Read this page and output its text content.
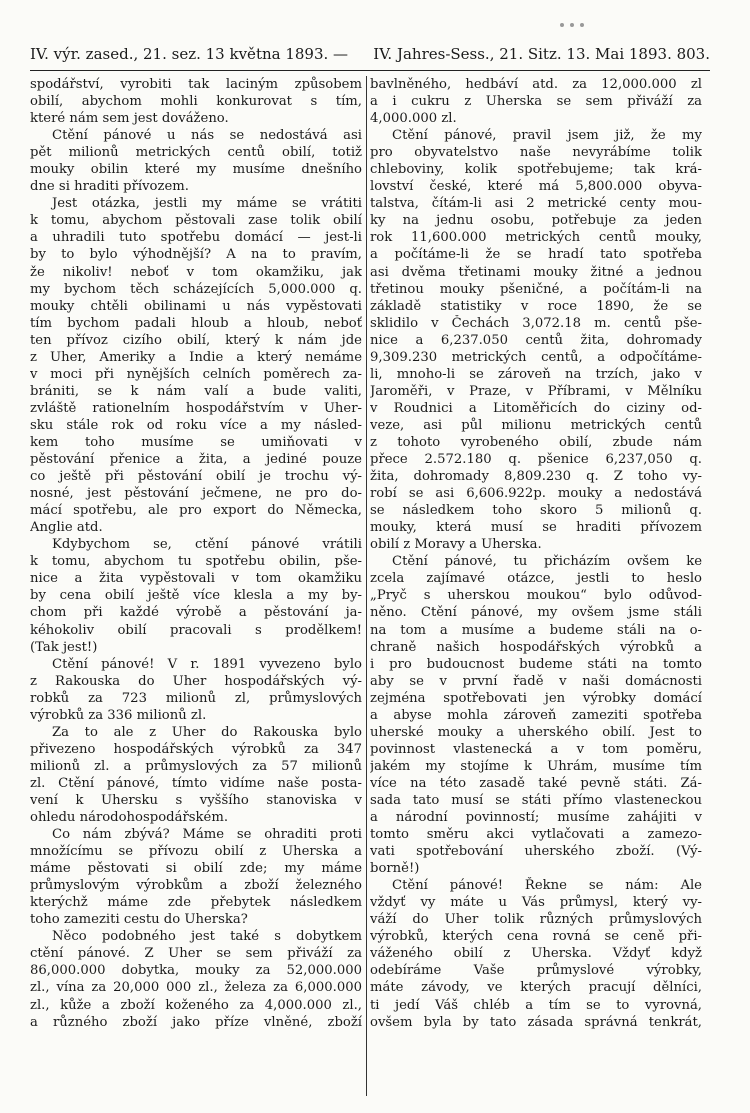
IV. výr. zased., 21. sez. 13 května 1893. — IV. Jahres-Sess., 21. Sitz. 13. Mai 1893. 803.
spodářství, vyrobiti tak laciným způsobem
obilí, abychom mohli konkurovat s tím,
které nám sem jest dováženo.
Ctění pánové u nás se nedostává asi
pět milionů metrických centů obilí, totiž
mouky obilin které my musíme dnešního
dne si hraditi přívozem.
Jest otázka, jestli my máme se vrátiti
k tomu, abychom pěstovali zase tolik obilí
a uhradili tuto spotřebu domácí — jest-li
by to bylo výhodnější? A na to pravím,
že nikoliv! neboť v tom okamžiku, jak
my bychom těch scházejících 5,000.000 q.
mouky chtěli obilinami u nás vypěstovati
tím bychom padali hloub a hloub, neboť
ten přívoz cizího obilí, který k nám jde
z Uher, Ameriky a Indie a který nemáme
v moci při nynějších celních poměrech za-
brániti, se k nám valí a bude valiti,
zvláště rationelním hospodářstvím v Uher-
sku stále rok od roku více a my násled-
kem toho musíme se umiňovati v
pěstování přenice a žita, a jediné pouze
co ještě při pěstování obilí je trochu vý-
nosné, jest pěstování ječmene, ne pro do-
mácí spotřebu, ale pro export do Německa,
Anglie atd.
Kdybychom se, ctění pánové vrátili
k tomu, abychom tu spotřebu obilin, pše-
nice a žita vypěstovali v tom okamžiku
by cena obilí ještě více klesla a my by-
chom při každé výrobě a pěstování ja-
kéhokoliv obilí pracovali s prodělkem!
(Tak jest!)
Ctění pánové! V r. 1891 vyvezeno bylo
z Rakouska do Uher hospodářských vý-
robků za 723 milionů zl, průmyslových
výrobků za 336 milionů zl.
Za to ale z Uher do Rakouska bylo
přivezeno hospodářských výrobků za 347
milionů zl. a průmyslových za 57 milionů
zl. Ctění pánové, tímto vidíme naše posta-
vení k Uhersku s vyššího stanoviska v
ohledu národohospodářském.
Co nám zbývá? Máme se ohraditi proti
množícímu se přívozu obilí z Uherska a
máme pěstovati si obilí zde; my máme
průmyslovým výrobkům a zboží železného
kterýchž máme zde přebytek následkem
toho zameziti cestu do Uherska?
Něco podobného jest také s dobytkem
ctění pánové. Z Uher se sem přiváží za
86,000.000 dobytka, mouky za 52,000.000
zl., vína za 20,000 000 zl., železa za 6,000.000
zl., kůže a zboží koženého za 4,000.000 zl.,
a různého zboží jako příze vlněné, zboží
bavlněného, hedbáví atd. za 12,000.000 zl
a i cukru z Uherska se sem přiváží za
4,000.000 zl.
Ctění pánové, pravil jsem již, že my
pro obyvatelstvo naše nevyrábíme tolik
chleboviny, kolik spotřebujeme; tak krá-
lovství české, které má 5,800.000 obyva-
talstva, čítám-li asi 2 metrické centy mou-
ky na jednu osobu, potřebuje za jeden
rok 11,600.000 metrických centů mouky,
a počítáme-li že se hradí tato spotřeba
asi dvěma třetinami mouky žitné a jednou
třetinou mouky pšeničné, a počítám-li na
základě statistiky v roce 1890, že se
sklidilo v Čechách 3,072.18 m. centů pše-
nice a 6,237.050 centů žita, dohromady
9,309.230 metrických centů, a odpočítáme-
li, mnoho-li se zároveň na trzích, jako v
Jaroměři, v Praze, v Příbrami, v Mělníku
v Roudnici a Litoměřicích do ciziny od-
veze, asi půl milionu metrických centů
z tohoto vyrobeného obilí, zbude nám
přece 2.572.180 q. pšenice 6,237,050 q.
žita, dohromady 8,809.230 q. Z toho vy-
robí se asi 6,606.922p. mouky a nedostává
se následkem toho skoro 5 milionů q.
mouky, která musí se hraditi přívozem
obilí z Moravy a Uherska.
Ctění pánové, tu přicházím ovšem ke
zcela zajímavé otázce, jestli to heslo
„Pryč s uherskou moukou“ bylo odůvod-
něno. Ctění pánové, my ovšem jsme stáli
na tom a musíme a budeme stáli na o-
chraně našich hospodářských výrobků a
i pro budoucnost budeme státi na tomto
aby se v první řadě v naši domácnosti
zejména spotřebovati jen výrobky domácí
a abyse mohla zároveň zameziti spotřeba
uherské mouky a uherského obilí. Jest to
povinnost vlastenecká a v tom poměru,
jakém my stojíme k Uhrám, musíme tím
více na této zasadě také pevně státi. Zá-
sada tato musí se státi přímo vlasteneckou
a národní povinností; musíme zahájiti v
tomto směru akci vytlačovati a zamezo-
vati spotřebování uherského zboží. (Vý-
borně!)
Ctění pánové! Řekne se nám: Ale
vždyť vy máte u Vás průmysl, který vy-
váží do Uher tolik různých průmyslových
výrobků, kterých cena rovná se ceně při-
váženého obilí z Uherska. Vždyť když
odebíráme Vaše průmyslové výrobky,
máte závody, ve kterých pracují dělníci,
ti jedí Váš chléb a tím se to vyrovná,
ovšem byla by tato zásada správná tenkrát,
